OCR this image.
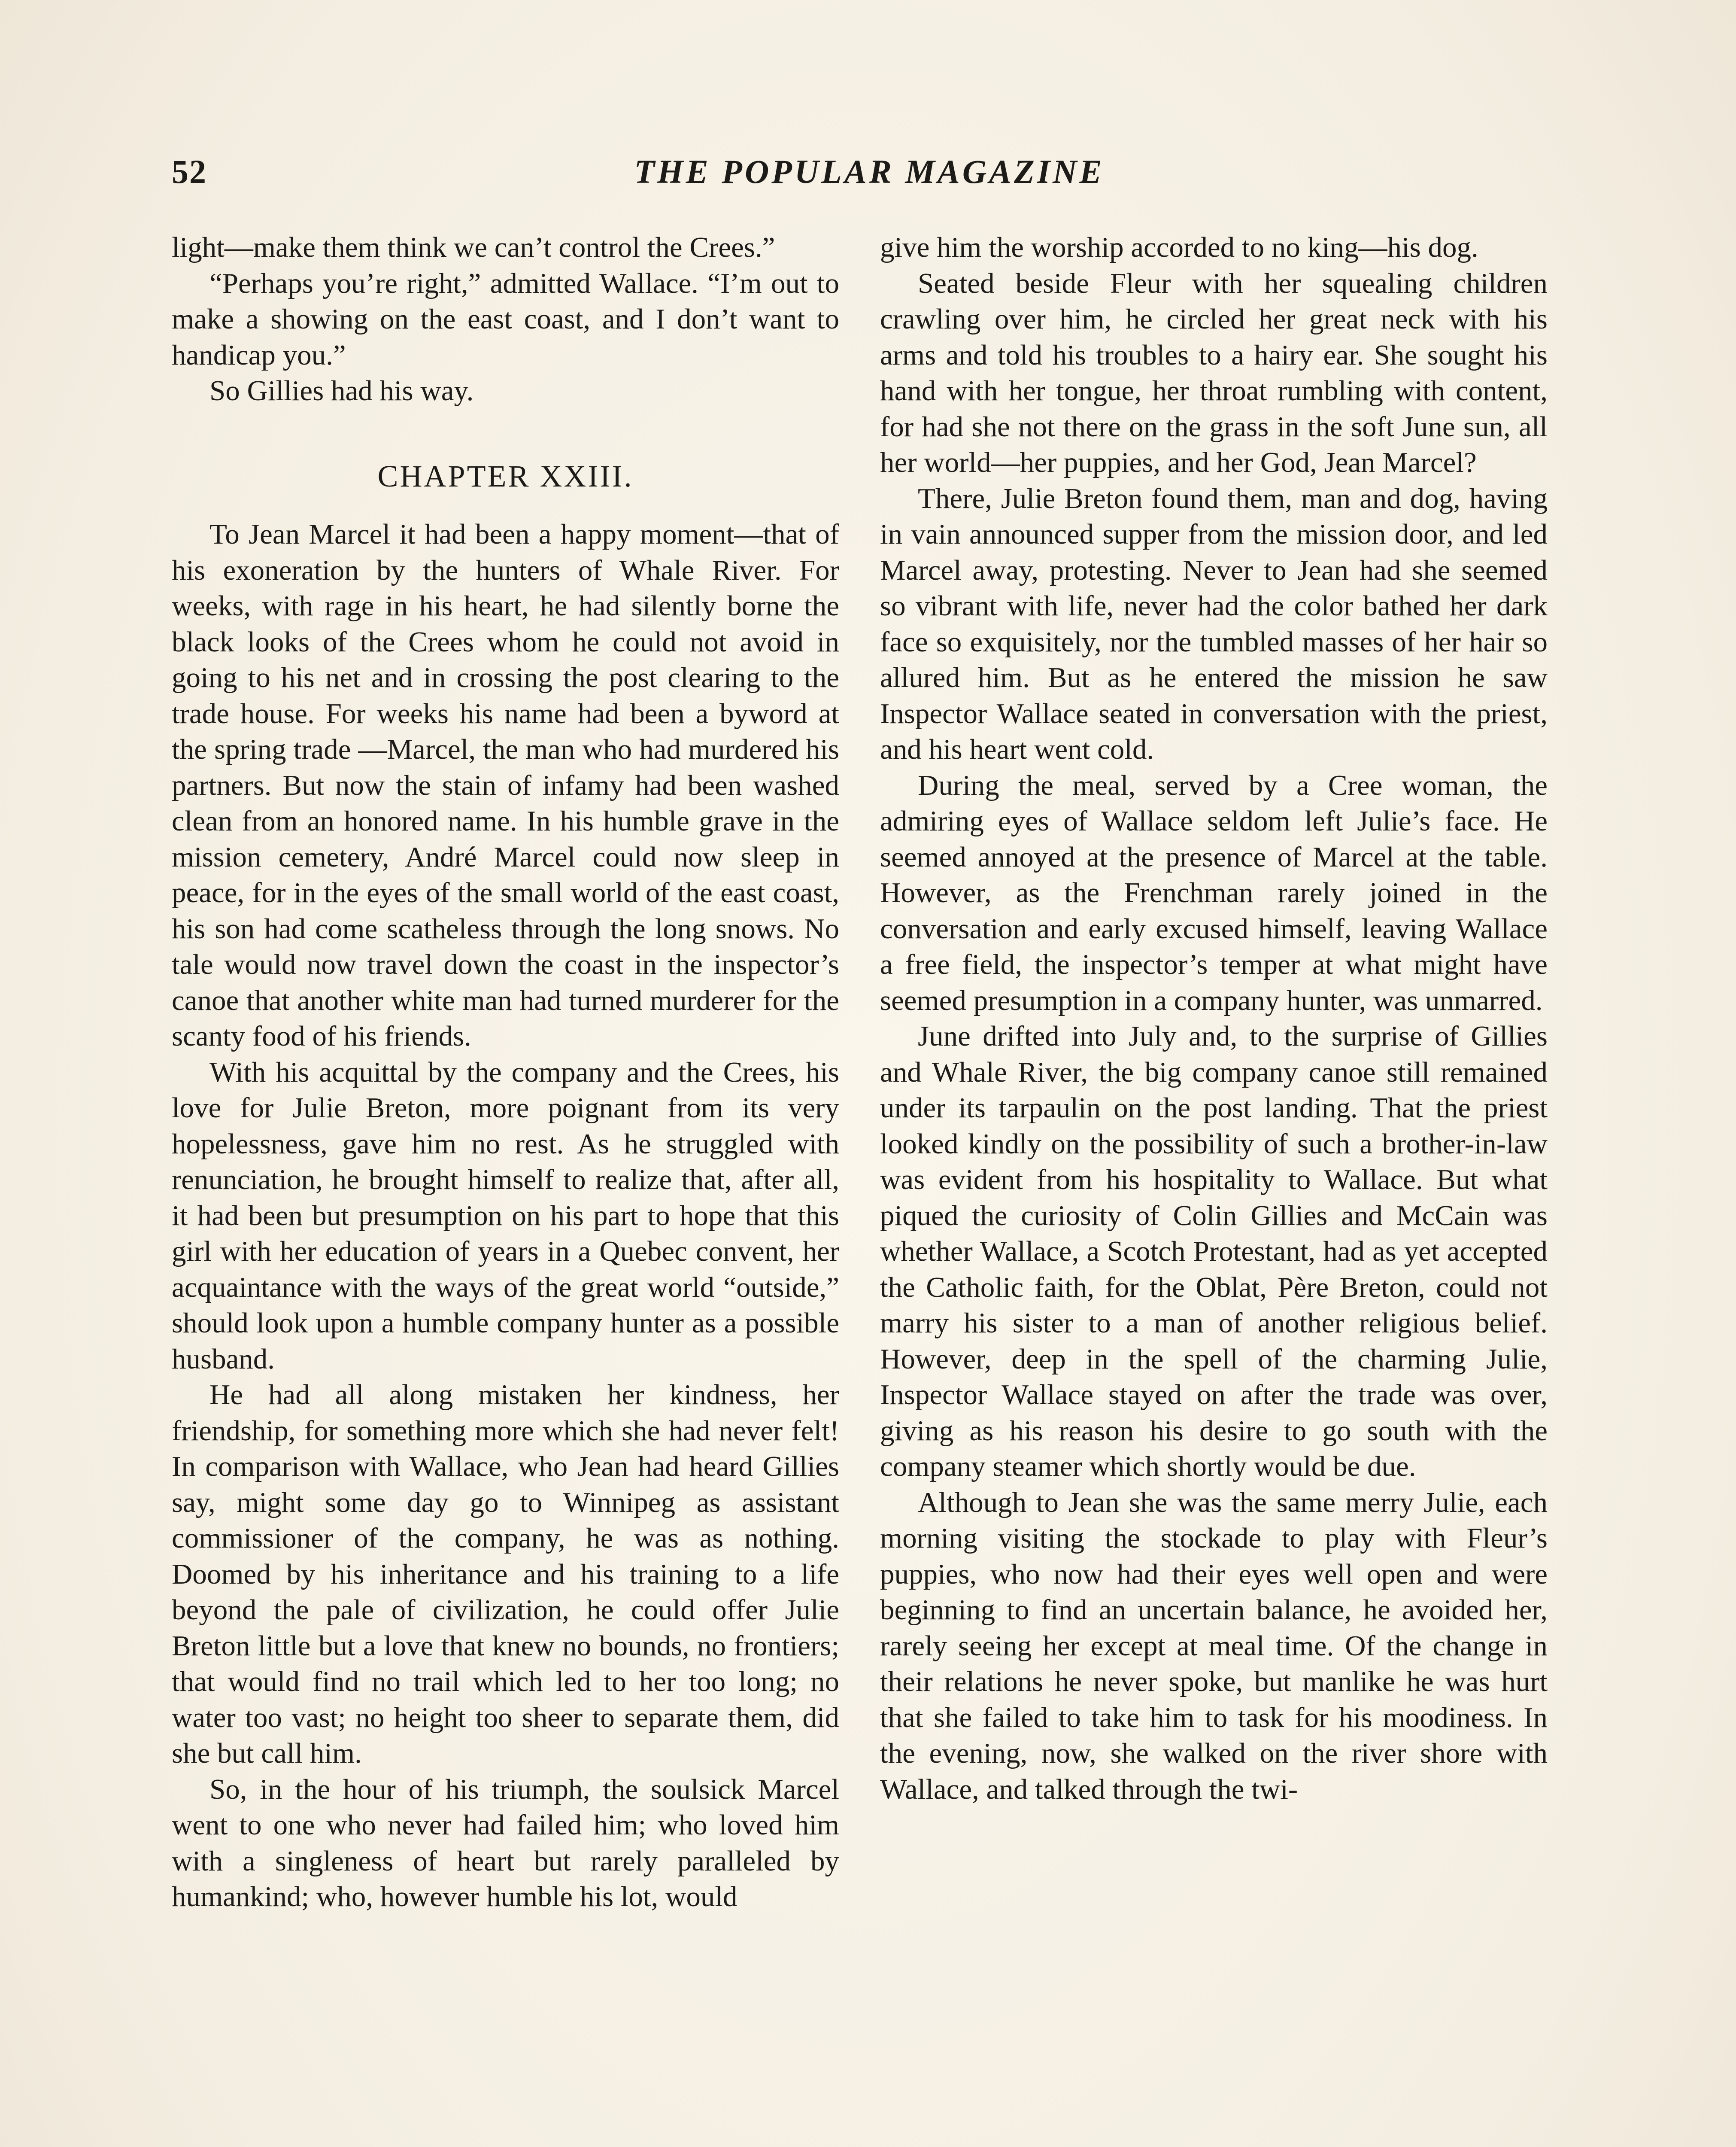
52	THE POPULAR MAGAZINE

light—make them think we can’t control the Crees.”

“Perhaps you’re right,” admitted Wallace. “I’m out to make a showing on the east coast, and I don’t want to handicap you.”

So Gillies had his way.

CHAPTER XXIII.

To Jean Marcel it had been a happy moment—that of his exoneration by the hunters of Whale River. For weeks, with rage in his heart, he had silently borne the black looks of the Crees whom he could not avoid in going to his net and in crossing the post clearing to the trade house. For weeks his name had been a byword at the spring trade —Marcel, the man who had murdered his partners. But now the stain of infamy had been washed clean from an honored name. In his humble grave in the mission cemetery, André Marcel could now sleep in peace, for in the eyes of the small world of the east coast, his son had come scatheless through the long snows. No tale would now travel down the coast in the inspector’s canoe that another white man had turned murderer for the scanty food of his friends.

With his acquittal by the company and the Crees, his love for Julie Breton, more poignant from its very hopelessness, gave him no rest. As he struggled with renunciation, he brought himself to realize that, after all, it had been but presumption on his part to hope that this girl with her education of years in a Quebec convent, her acquaintance with the ways of the great world “outside,” should look upon a humble company hunter as a possible husband.

He had all along mistaken her kindness, her friendship, for something more which she had never felt! In comparison with Wallace, who Jean had heard Gillies say, might some day go to Winnipeg as assistant commissioner of the company, he was as nothing. Doomed by his inheritance and his training to a life beyond the pale of civilization, he could offer Julie Breton little but a love that knew no bounds, no frontiers; that would find no trail which led to her too long; no water too vast; no height too sheer to separate them, did she but call him.

So, in the hour of his triumph, the soulsick Marcel went to one who never had failed him; who loved him with a singleness of heart but rarely paralleled by humankind; who, however humble his lot, would

give him the worship accorded to no king—his dog.

Seated beside Fleur with her squealing children crawling over him, he circled her great neck with his arms and told his troubles to a hairy ear. She sought his hand with her tongue, her throat rumbling with content, for had she not there on the grass in the soft June sun, all her world—her puppies, and her God, Jean Marcel?

There, Julie Breton found them, man and dog, having in vain announced supper from the mission door, and led Marcel away, protesting. Never to Jean had she seemed so vibrant with life, never had the color bathed her dark face so exquisitely, nor the tumbled masses of her hair so allured him. But as he entered the mission he saw Inspector Wallace seated in conversation with the priest, and his heart went cold.

During the meal, served by a Cree woman, the admiring eyes of Wallace seldom left Julie’s face. He seemed annoyed at the presence of Marcel at the table. However, as the Frenchman rarely joined in the conversation and early excused himself, leaving Wallace a free field, the inspector’s temper at what might have seemed presumption in a company hunter, was unmarred.

June drifted into July and, to the surprise of Gillies and Whale River, the big company canoe still remained under its tarpaulin on the post landing. That the priest looked kindly on the possibility of such a brother-in-law was evident from his hospitality to Wallace. But what piqued the curiosity of Colin Gillies and McCain was whether Wallace, a Scotch Protestant, had as yet accepted the Catholic faith, for the Oblat, Père Breton, could not marry his sister to a man of another religious belief. However, deep in the spell of the charming Julie, Inspector Wallace stayed on after the trade was over, giving as his reason his desire to go south with the company steamer which shortly would be due.

Although to Jean she was the same merry Julie, each morning visiting the stockade to play with Fleur’s puppies, who now had their eyes well open and were beginning to find an uncertain balance, he avoided her, rarely seeing her except at meal time. Of the change in their relations he never spoke, but manlike he was hurt that she failed to take him to task for his moodiness. In the evening, now, she walked on the river shore with Wallace, and talked through the twi-
